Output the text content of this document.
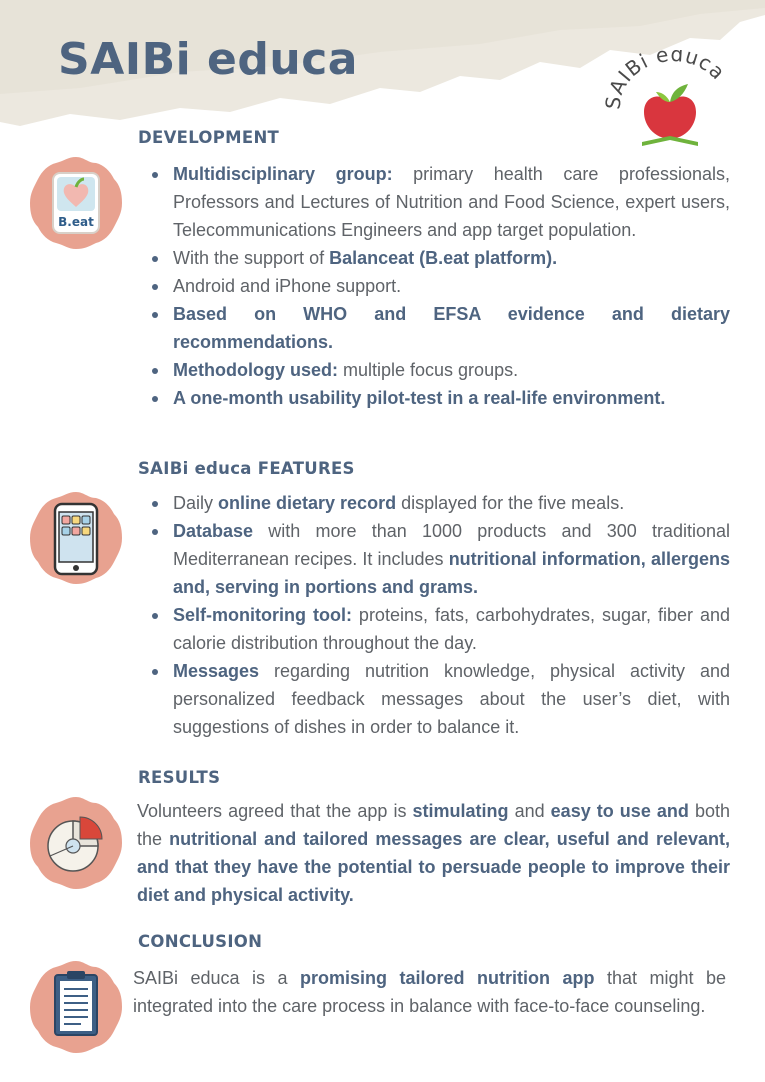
SAIBi educa
SAIBi educa
DEVELOPMENT
B.eat
Multidisciplinary group: primary health care professionals, Professors and Lectures of Nutrition and Food Science, expert users, Telecommunications Engineers and app target population.
With the support of Balanceat (B.eat platform).
Android and iPhone support.
Based on WHO and EFSA evidence and dietary recommendations.
Methodology used: multiple focus groups.
A one-month usability pilot-test in a real-life environment.
SAIBi educa FEATURES
Daily online dietary record displayed for the five meals.
Database with more than 1000 products and 300 traditional Mediterranean recipes. It includes nutritional information, allergens and, serving in portions and grams.
Self-monitoring tool: proteins, fats, carbohydrates, sugar, fiber and calorie distribution throughout the day.
Messages regarding nutrition knowledge, physical activity and personalized feedback messages about the user’s diet, with suggestions of dishes in order to balance it.
RESULTS

Volunteers agreed that the app is stimulating and easy to use and both the nutritional and tailored messages are clear, useful and relevant, and that they have the potential to persuade people to improve their diet and physical activity.

CONCLUSION

SAIBi educa is a promising tailored nutrition app that might be integrated into the care process in balance with face-to-face counseling.
